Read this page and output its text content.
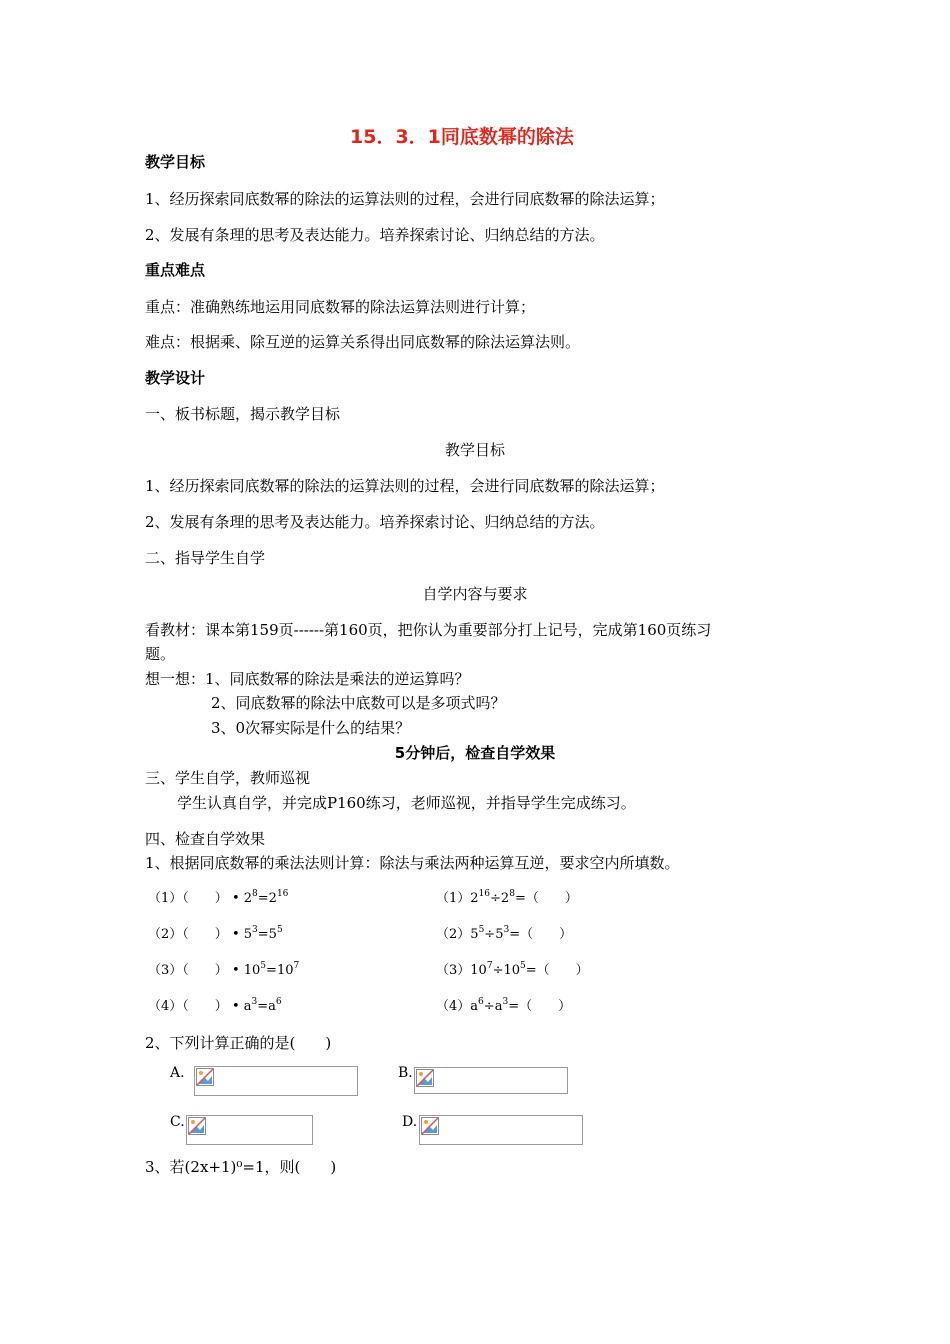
15．3．1同底数幂的除法
教学目标
1、经历探索同底数幂的除法的运算法则的过程，会进行同底数幂的除法运算；
2、发展有条理的思考及表达能力。培养探索讨论、归纳总结的方法。
重点难点
重点：准确熟练地运用同底数幂的除法运算法则进行计算；
难点：根据乘、除互逆的运算关系得出同底数幂的除法运算法则。
教学设计
一、板书标题，揭示教学目标
教学目标
1、经历探索同底数幂的除法的运算法则的过程，会进行同底数幂的除法运算；
2、发展有条理的思考及表达能力。培养探索讨论、归纳总结的方法。
二、指导学生自学
自学内容与要求
看教材：课本第159页------第160页，把你认为重要部分打上记号，完成第160页练习
题。
想一想： 1、同底数幂的除法是乘法的逆运算吗？
2、同底数幂的除法中底数可以是多项式吗？
3、0次幂实际是什么的结果？
5分钟后，检查自学效果
三、学生自学，教师巡视
学生认真自学，并完成P160练习，老师巡视，并指导学生完成练习。
四、检查自学效果
1、根据同底数幂的乘法法则计算：除法与乘法两种运算互逆，要求空内所填数。
（1）（　　） • $2^8=2^{16}$
（2）（　　） • $5^3=5^5$
（3）（　　） • $10^5=10^7$
（4）（　　） • $a^3=a^6$
$(1)2^{16}\div 2^8=$（　　）
$(2)5^5\div 5^3=$（　　）
$(3)10^7\div 10^5=$（　　）
$(4)a^6\div a^3=$（　　）
2、下列计算正确的是(　　)
A.	B.
C.	D.
3、若(2x+1)⁰=1，则(　　)
